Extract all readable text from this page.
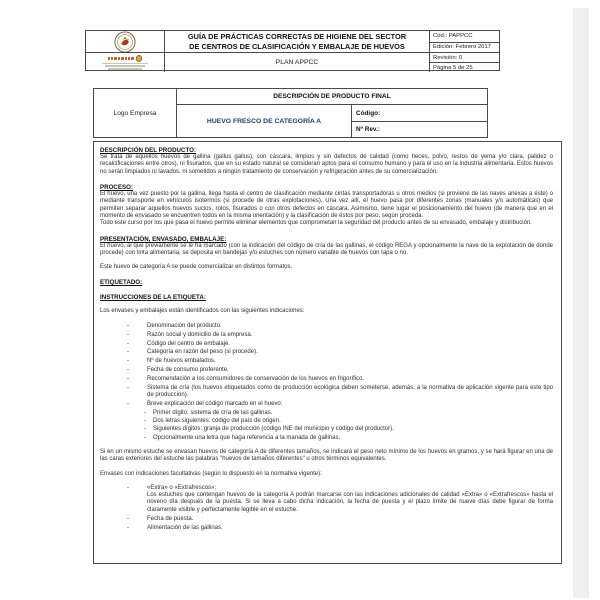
GUÍA DE PRÁCTICAS CORRECTAS DE HIGIENE DEL SECTOR
DE CENTROS DE CLASIFICACIÓN Y EMBALAJE DE HUEVOS
Cód.: PAPPCC
Edición: Febrero 2017
PLAN APPCC
Revisión: 0
Página 5 de 25
Logo Empresa
DESCRIPCIÓN DE PRODUCTO FINAL
HUEVO FRESCO DE CATEGORÍA A
Código:
Nº Rev.:
DESCRIPCIÓN DEL PRODUCTO:
Se trata de aquellos huevos de gallina (gallus gallus), con cáscara, limpios y sin defectos de calidad (como heces, polvo, restos de yema y/o clara, palidez o recalcificaciones entre otros), ni fisurados, que en su estado natural se consideran aptos para el consumo humano y para el uso en la industria alimentaria. Estos huevos no serán limpiados ni lavados, ni sometidos a ningún tratamiento de conservación y refrigeración antes de su comercialización.
PROCESO:
El huevo, una vez puesto por la gallina, llega hasta el centro de clasificación mediante cintas transportadoras u otros medios (si proviene de las naves anexas a éste) o mediante transporte en vehículos isotermos (si procede de otras explotaciones). Una vez allí, el huevo pasa por diferentes zonas (manuales y/o automáticas) que permiten separar aquellos huevos sucios, rotos, fisurados o con otros defectos en cáscara. Asimismo, tiene lugar el posicionamiento del huevo (de manera que en el momento de envasado se encuentren todos en la misma orientación) y la clasificación de éstos por peso, según proceda.
Todo este curso por los que pasa el huevo permite eliminar elementos que comprometan la seguridad del producto antes de su envasado, embalaje y distribución.
PRESENTACIÓN, ENVASADO, EMBALAJE:
El huevo, al que previamente se le ha marcado (con la indicación del código de cría de las gallinas, el código REGA y opcionalmente la nave de la explotación de donde procede) con tinta alimentaria, se deposita en bandejas y/o estuches con número variable de huevos con tapa o no.
Este huevo de categoría A se puede comercializar en distintos formatos.
ETIQUETADO:
INSTRUCCIONES DE LA ETIQUETA:
Los envases y embalajes están identificados con las siguientes indicaciones:
-	Denominación del producto.
-	Razón social y domicilio de la empresa.
-	Código del centro de embalaje.
-	Categoría en razón del peso (si procede).
-	Nº de huevos embalados.
-	Fecha de consumo preferente.
-	Recomendación a los consumidores de conservación de los huevos en frigorífico.
-	Sistema de cría (los huevos etiquetados como de producción ecológica deben someterse, además, a la normativa de aplicación vigente para este tipo de producción).
-	Breve explicación del código marcado en el huevo:
-	Primer dígito: sistema de cría de las gallinas.
-	Dos letras siguientes: código del país de origen.
-	Siguientes dígitos: granja de producción (código INE del municipio y código del productor).
-	Opcionalmente una letra que haga referencia a la manada de gallinas.
Si en un mismo estuche se envasan huevos de categoría A de diferentes tamaños, se indicará el peso neto mínimo de los huevos en gramos, y se hará figurar en una de las caras exteriores del estuche las palabras "huevos de tamaños diferentes" u otros términos equivalentes.
Envases con indicaciones facultativas (según lo dispuesto en la normativa vigente):
-	«Extra» o «Extrafrescos»:
Los estuches que contengan huevos de la categoría A podrán marcarse con las indicaciones adicionales de calidad «Extra» o «Extrafrescos» hasta el noveno día después de la puesta. Si se lleva a cabo dicha indicación, la fecha de puesta y el plazo límite de nueve días debe figurar de forma claramente visible y perfectamente legible en el estuche.
-	Fecha de puesta.
-	Alimentación de las gallinas.
